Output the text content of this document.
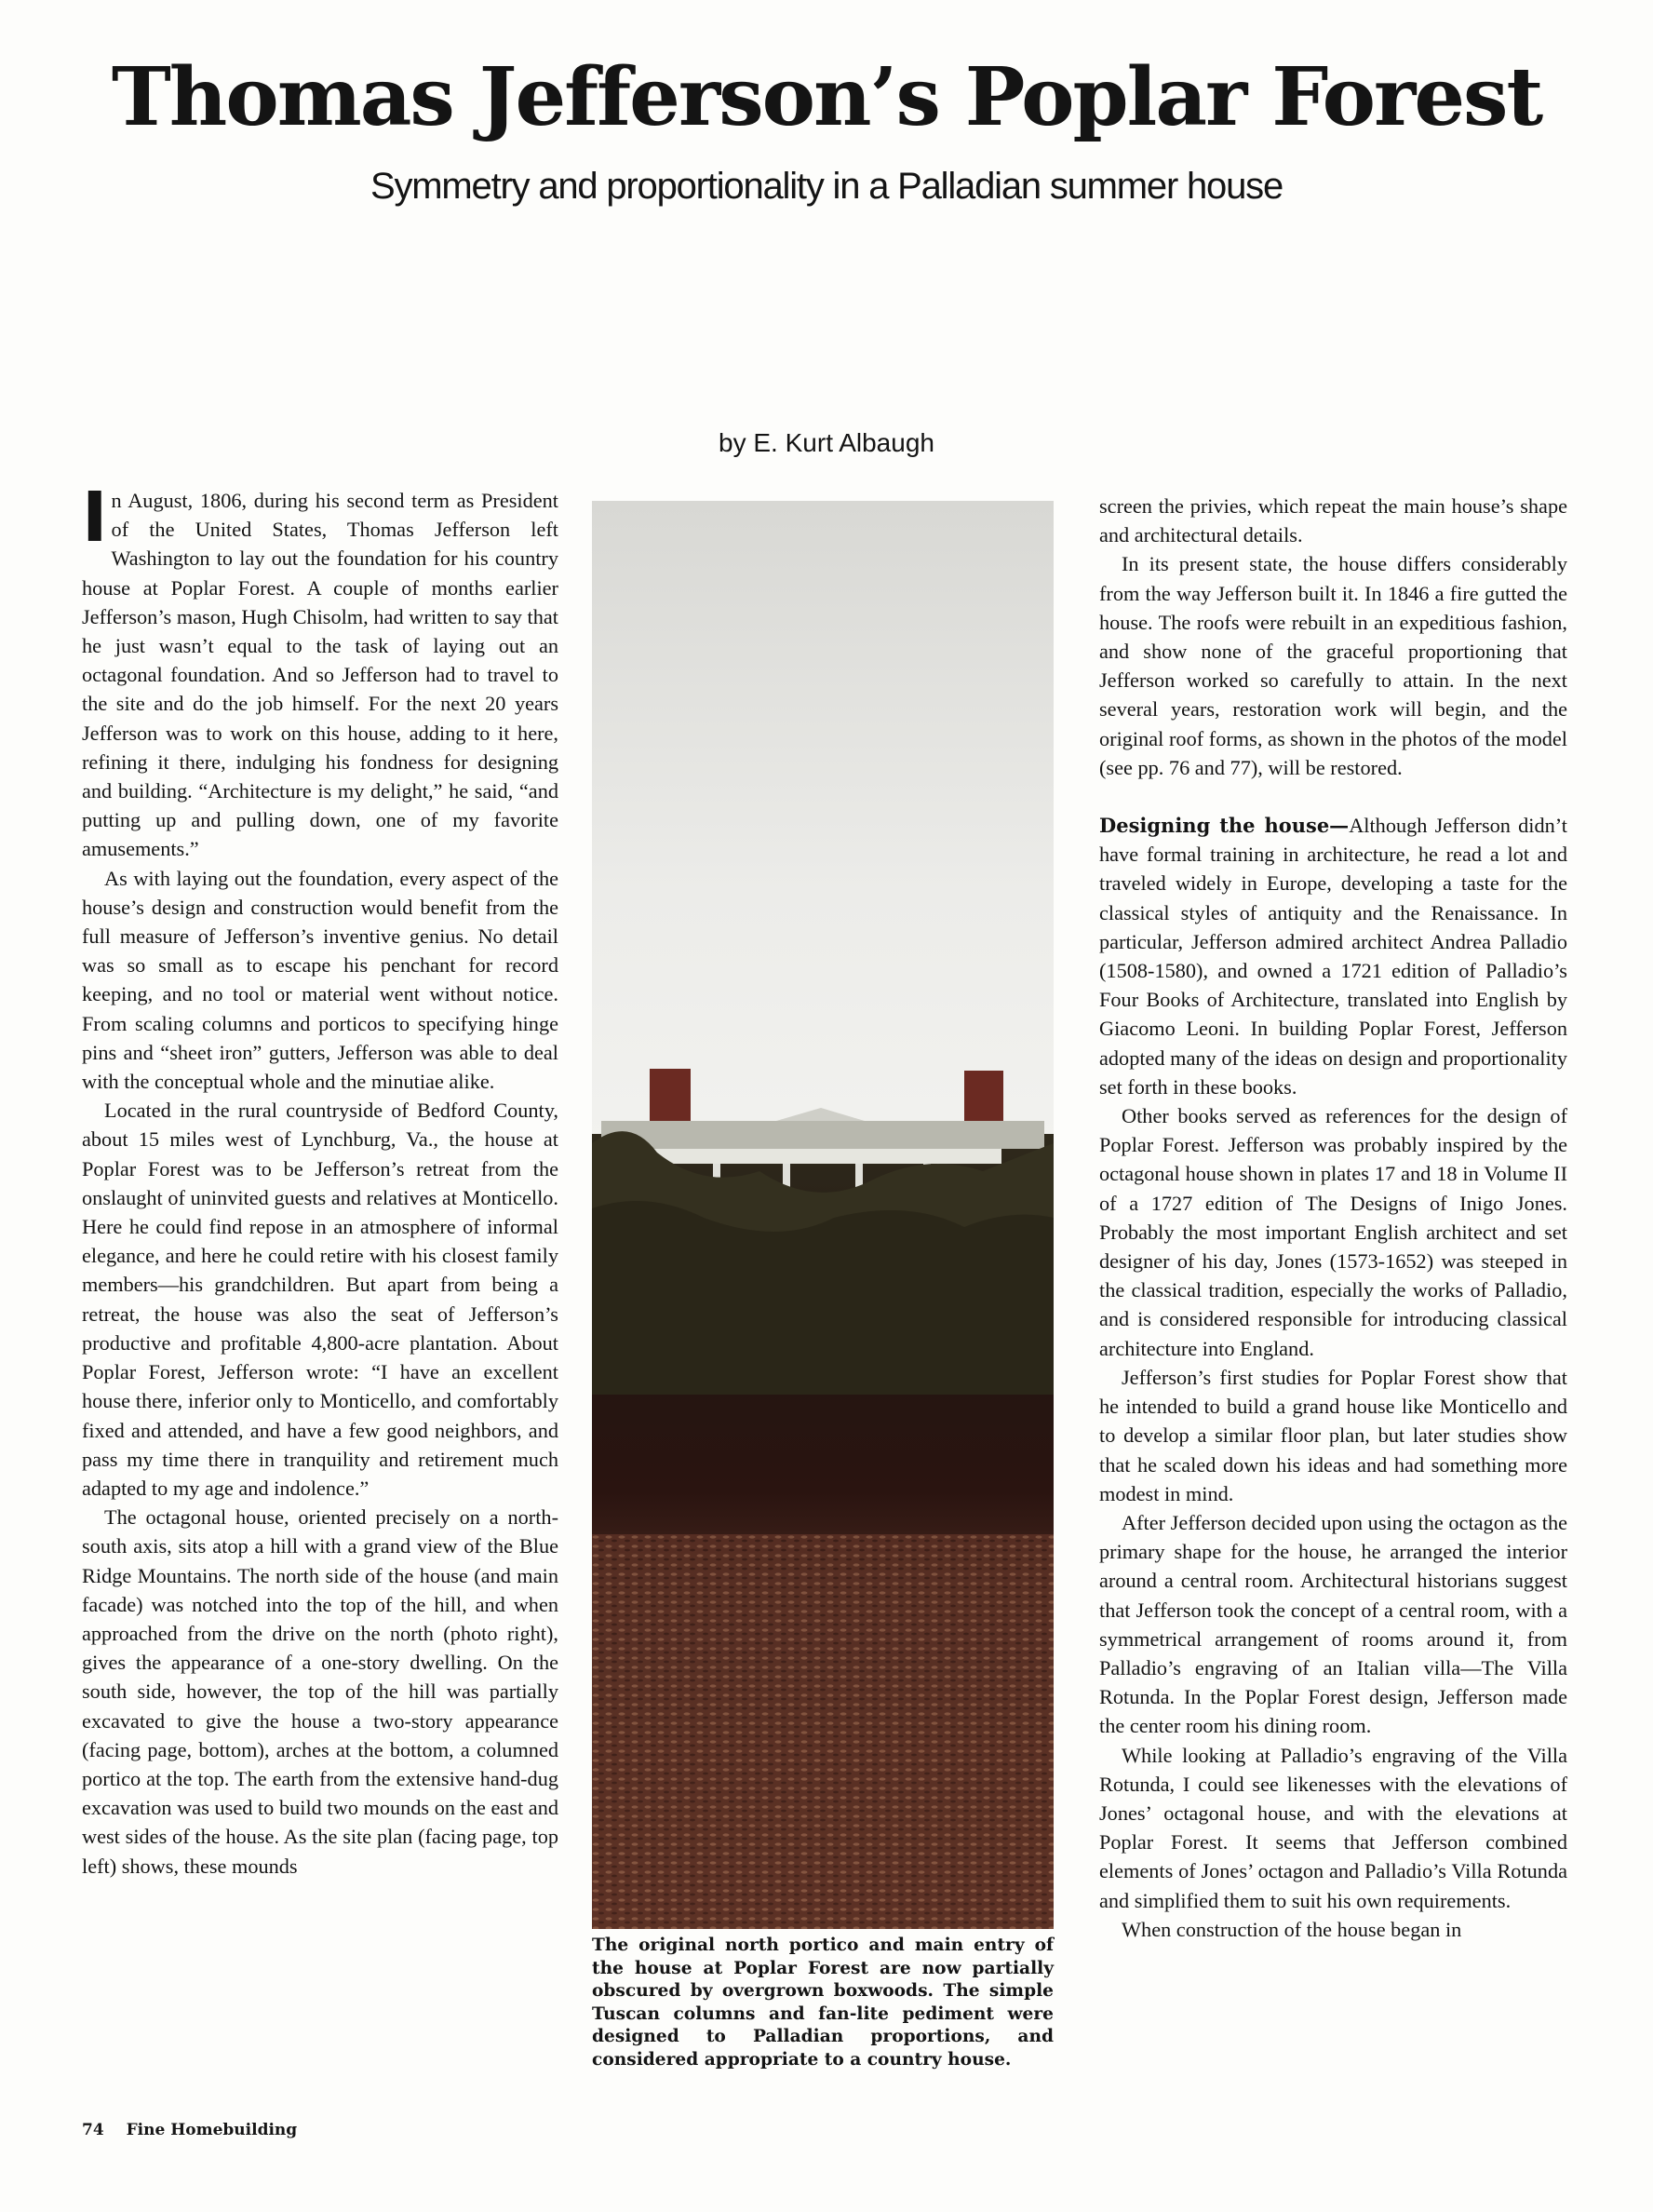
Thomas Jefferson’s Poplar Forest
Symmetry and proportionality in a Palladian summer house
by E. Kurt Albaugh

In August, 1806, during his second term as President of the United States, Thomas Jefferson left Washington to lay out the foundation for his country house at Poplar Forest. A couple of months earlier Jefferson’s mason, Hugh Chisolm, had written to say that he just wasn’t equal to the task of laying out an octagonal foundation. And so Jefferson had to travel to the site and do the job himself. For the next 20 years Jefferson was to work on this house, adding to it here, refining it there, indulging his fondness for designing and building. “Architecture is my delight,” he said, “and putting up and pulling down, one of my favorite amusements.”

As with laying out the foundation, every aspect of the house’s design and construction would benefit from the full measure of Jefferson’s inventive genius. No detail was so small as to escape his penchant for record keeping, and no tool or material went without notice. From scaling columns and porticos to specifying hinge pins and “sheet iron” gutters, Jefferson was able to deal with the conceptual whole and the minutiae alike.

Located in the rural countryside of Bedford County, about 15 miles west of Lynchburg, Va., the house at Poplar Forest was to be Jefferson’s retreat from the onslaught of uninvited guests and relatives at Monticello. Here he could find repose in an atmosphere of informal elegance, and here he could retire with his closest family members—his grandchildren. But apart from being a retreat, the house was also the seat of Jefferson’s productive and profitable 4,800-acre plantation. About Poplar Forest, Jefferson wrote: “I have an excellent house there, inferior only to Monticello, and comfortably fixed and attended, and have a few good neighbors, and pass my time there in tranquility and retirement much adapted to my age and indolence.”

The octagonal house, oriented precisely on a north-south axis, sits atop a hill with a grand view of the Blue Ridge Mountains. The north side of the house (and main facade) was notched into the top of the hill, and when approached from the drive on the north (photo right), gives the appearance of a one-story dwelling. On the south side, however, the top of the hill was partially excavated to give the house a two-story appearance (facing page, bottom), arches at the bottom, a columned portico at the top. The earth from the extensive hand-dug excavation was used to build two mounds on the east and west sides of the house. As the site plan (facing page, top left) shows, these mounds

The original north portico and main entry of the house at Poplar Forest are now partially obscured by overgrown boxwoods. The simple Tuscan columns and fan-lite pediment were designed to Palladian proportions, and considered appropriate to a country house.

screen the privies, which repeat the main house’s shape and architectural details.

In its present state, the house differs considerably from the way Jefferson built it. In 1846 a fire gutted the house. The roofs were rebuilt in an expeditious fashion, and show none of the graceful proportioning that Jefferson worked so carefully to attain. In the next several years, restoration work will begin, and the original roof forms, as shown in the photos of the model (see pp. 76 and 77), will be restored.

Designing the house—Although Jefferson didn’t have formal training in architecture, he read a lot and traveled widely in Europe, developing a taste for the classical styles of antiquity and the Renaissance. In particular, Jefferson admired architect Andrea Palladio (1508-1580), and owned a 1721 edition of Palladio’s Four Books of Architecture, translated into English by Giacomo Leoni. In building Poplar Forest, Jefferson adopted many of the ideas on design and proportionality set forth in these books.

Other books served as references for the design of Poplar Forest. Jefferson was probably inspired by the octagonal house shown in plates 17 and 18 in Volume II of a 1727 edition of The Designs of Inigo Jones. Probably the most important English architect and set designer of his day, Jones (1573-1652) was steeped in the classical tradition, especially the works of Palladio, and is considered responsible for introducing classical architecture into England.

Jefferson’s first studies for Poplar Forest show that he intended to build a grand house like Monticello and to develop a similar floor plan, but later studies show that he scaled down his ideas and had something more modest in mind.

After Jefferson decided upon using the octagon as the primary shape for the house, he arranged the interior around a central room. Architectural historians suggest that Jefferson took the concept of a central room, with a symmetrical arrangement of rooms around it, from Palladio’s engraving of an Italian villa—The Villa Rotunda. In the Poplar Forest design, Jefferson made the center room his dining room.

While looking at Palladio’s engraving of the Villa Rotunda, I could see likenesses with the elevations of Jones’ octagonal house, and with the elevations at Poplar Forest. It seems that Jefferson combined elements of Jones’ octagon and Palladio’s Villa Rotunda and simplified them to suit his own requirements.

When construction of the house began in

74 Fine Homebuilding
